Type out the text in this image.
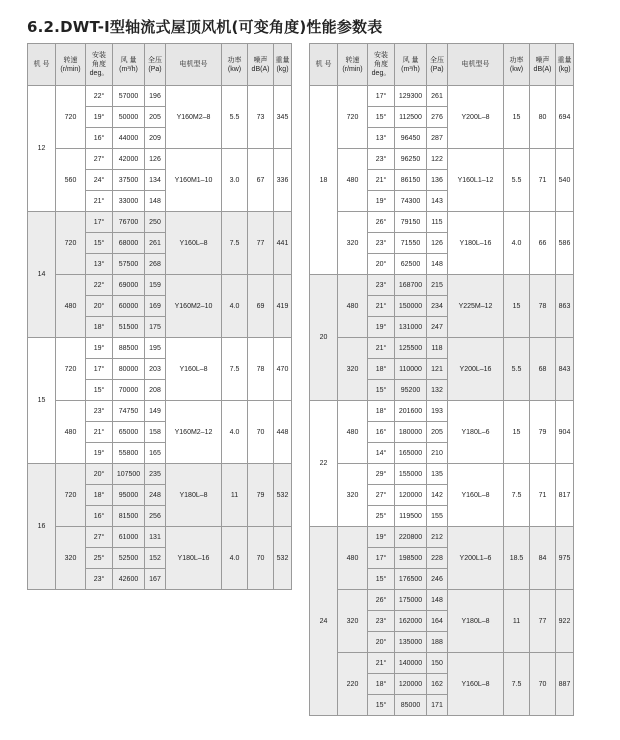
6.2.DWT-Ⅰ型轴流式屋顶风机(可变角度)性能参数表
机 号	转速
(r/min)	安装
角度
deg。	风 量
(m³/h)	全压
(Pa)	电机型号	功率
(kw)	噪声
dB(A)	重量
(kg)
12	720	22°	57000	196	Y160M2–8	5.5	73	345
		19°	50000	205				
		16°	44000	209				
	560	27°	42000	126	Y160M1–10	3.0	67	336
		24°	37500	134				
		21°	33000	148				
14	720	17°	76700	250	Y160L–8	7.5	77	441
		15°	68000	261				
		13°	57500	268				
	480	22°	69000	159	Y160M2–10	4.0	69	419
		20°	60000	169				
		18°	51500	175				
15	720	19°	88500	195	Y160L–8	7.5	78	470
		17°	80000	203				
		15°	70000	208				
	480	23°	74750	149	Y160M2–12	4.0	70	448
		21°	65000	158				
		19°	55800	165				
16	720	20°	107500	235	Y180L–8	11	79	532
		18°	95000	248				
		16°	81500	256				
	320	27°	61000	131	Y180L–16	4.0	70	532
		25°	52500	152				
		23°	42600	167				
机 号	转速
(r/min)	安装
角度
deg。	风 量
(m³/h)	全压
(Pa)	电机型号	功率
(kw)	噪声
dB(A)	重量
(kg)
18	720	17°	129300	261	Y200L–8	15	80	694
		15°	112500	276				
		13°	96450	287				
	480	23°	96250	122	Y160L1–12	5.5	71	540
		21°	86150	136				
		19°	74300	143				
	320	26°	79150	115	Y180L–16	4.0	66	586
		23°	71550	126				
		20°	62500	148				
20	480	23°	168700	215	Y225M–12	15	78	863
		21°	150000	234				
		19°	131000	247				
	320	21°	125500	118	Y200L–16	5.5	68	843
		18°	110000	121				
		15°	95200	132				
22	480	18°	201600	193	Y180L–6	15	79	904
		16°	180000	205				
		14°	165000	210				
	320	29°	155000	135	Y160L–8	7.5	71	817
		27°	120000	142				
		25°	119500	155				
24	480	19°	220800	212	Y200L1–6	18.5	84	975
		17°	198500	228				
		15°	176500	246				
	320	26°	175000	148	Y180L–8	11	77	922
		23°	162000	164				
		20°	135000	188				
	220	21°	140000	150	Y160L–8	7.5	70	887
		18°	120000	162				
		15°	85000	171				
